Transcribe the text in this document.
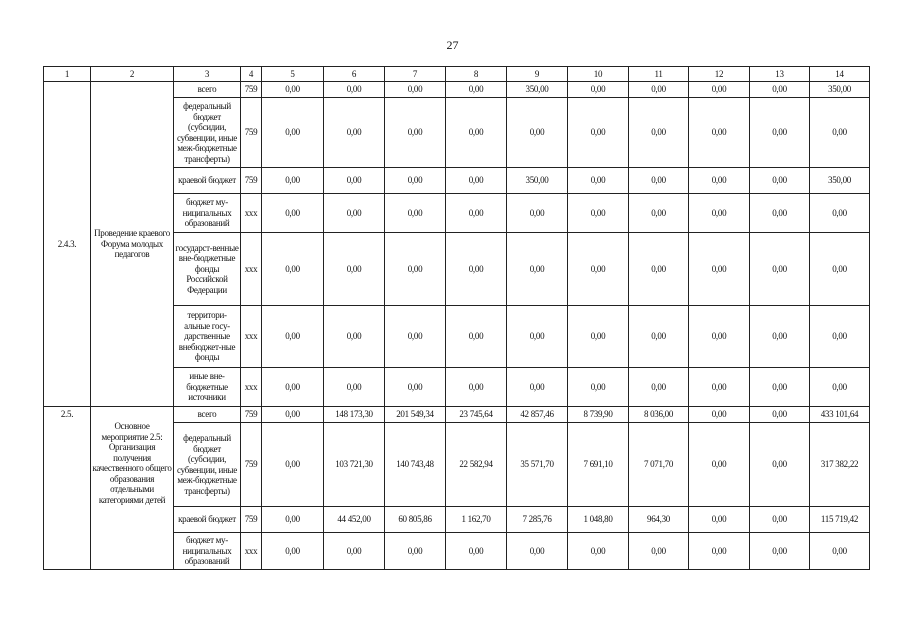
27
1	2	3	4	5	6	7	8	9	10	11	12	13	14
2.4.3.	Проведение краевого Форума молодых педагогов	всего	759	0,00	0,00	0,00	0,00	350,00	0,00	0,00	0,00	0,00	350,00
		федеральный бюджет (субсидии, субвенции, иные меж-бюджетные трансферты)	759	0,00	0,00	0,00	0,00	0,00	0,00	0,00	0,00	0,00	0,00
		краевой бюджет	759	0,00	0,00	0,00	0,00	350,00	0,00	0,00	0,00	0,00	350,00
		бюджет му-ниципальных образований	xxx	0,00	0,00	0,00	0,00	0,00	0,00	0,00	0,00	0,00	0,00
		государст-венные вне-бюджетные фонды Российской Федерации	xxx	0,00	0,00	0,00	0,00	0,00	0,00	0,00	0,00	0,00	0,00
		территори-альные госу-дарственные внебюджет-ные фонды	xxx	0,00	0,00	0,00	0,00	0,00	0,00	0,00	0,00	0,00	0,00
		иные вне-бюджетные источники	xxx	0,00	0,00	0,00	0,00	0,00	0,00	0,00	0,00	0,00	0,00
2.5.	Основное мероприятие 2.5: Организация получения качественного общего образования отдельными категориями детей	всего	759	0,00	148 173,30	201 549,34	23 745,64	42 857,46	8 739,90	8 036,00	0,00	0,00	433 101,64
		федеральный бюджет (субсидии, субвенции, иные меж-бюджетные трансферты)	759	0,00	103 721,30	140 743,48	22 582,94	35 571,70	7 691,10	7 071,70	0,00	0,00	317 382,22
		краевой бюджет	759	0,00	44 452,00	60 805,86	1 162,70	7 285,76	1 048,80	964,30	0,00	0,00	115 719,42
		бюджет му-ниципальных образований	xxx	0,00	0,00	0,00	0,00	0,00	0,00	0,00	0,00	0,00	0,00
